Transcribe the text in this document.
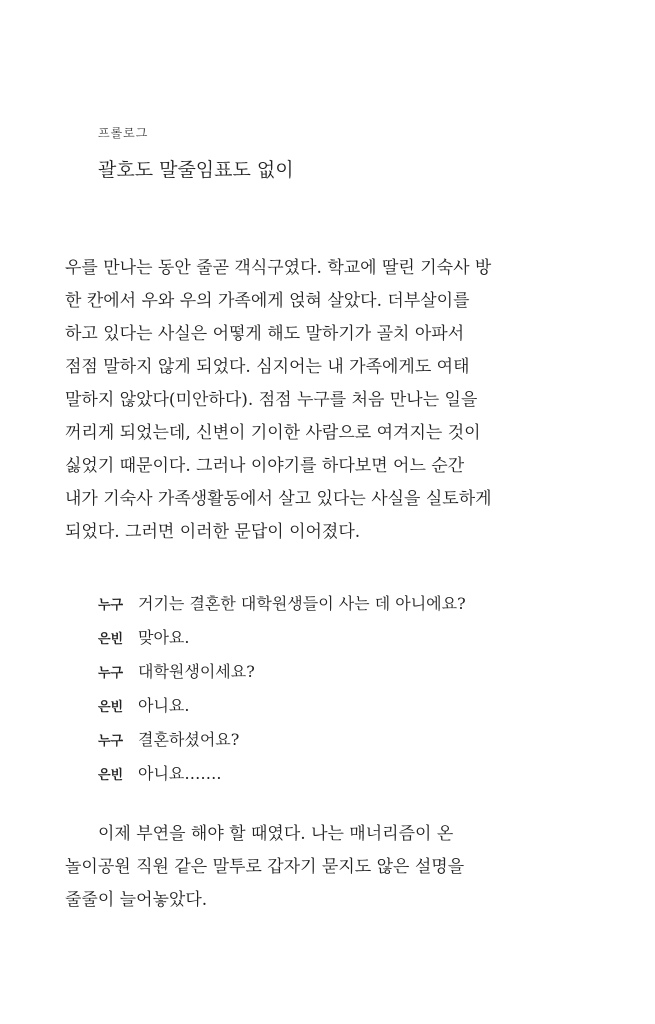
프롤로그
괄호도 말줄임표도 없이
우를 만나는 동안 줄곧 객식구였다. 학교에 딸린 기숙사 방
한 칸에서 우와 우의 가족에게 얹혀 살았다. 더부살이를
하고 있다는 사실은 어떻게 해도 말하기가 골치 아파서
점점 말하지 않게 되었다. 심지어는 내 가족에게도 여태
말하지 않았다(미안하다). 점점 누구를 처음 만나는 일을
꺼리게 되었는데, 신변이 기이한 사람으로 여겨지는 것이
싫었기 때문이다. 그러나 이야기를 하다보면 어느 순간
내가 기숙사 가족생활동에서 살고 있다는 사실을 실토하게
되었다. 그러면 이러한 문답이 이어졌다.
누구 거기는 결혼한 대학원생들이 사는 데 아니에요?
은빈 맞아요.
누구 대학원생이세요?
은빈 아니요.
누구 결혼하셨어요?
은빈 아니요…….
이제 부연을 해야 할 때였다. 나는 매너리즘이 온
놀이공원 직원 같은 말투로 갑자기 묻지도 않은 설명을
줄줄이 늘어놓았다.
